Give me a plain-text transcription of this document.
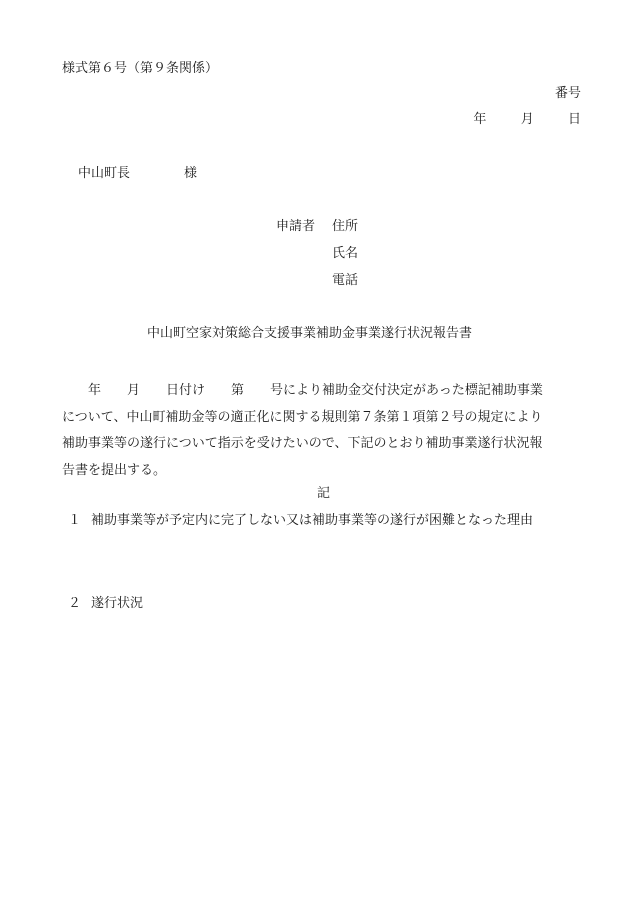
様式第６号（第９条関係）
番号
年	月	日
中山町長	様
申請者 住所
氏名
電話
中山町空家対策総合支援事業補助金事業遂行状況報告書

　　年　　月　　日付け　　第　　号により補助金交付決定があった標記補助事業

について、中山町補助金等の適正化に関する規則第７条第１項第２号の規定により

補助事業等の遂行について指示を受けたいので、下記のとおり補助事業遂行状況報

告書を提出する。

記
１ 補助事業等が予定内に完了しない又は補助事業等の遂行が困難となった理由
２ 遂行状況
